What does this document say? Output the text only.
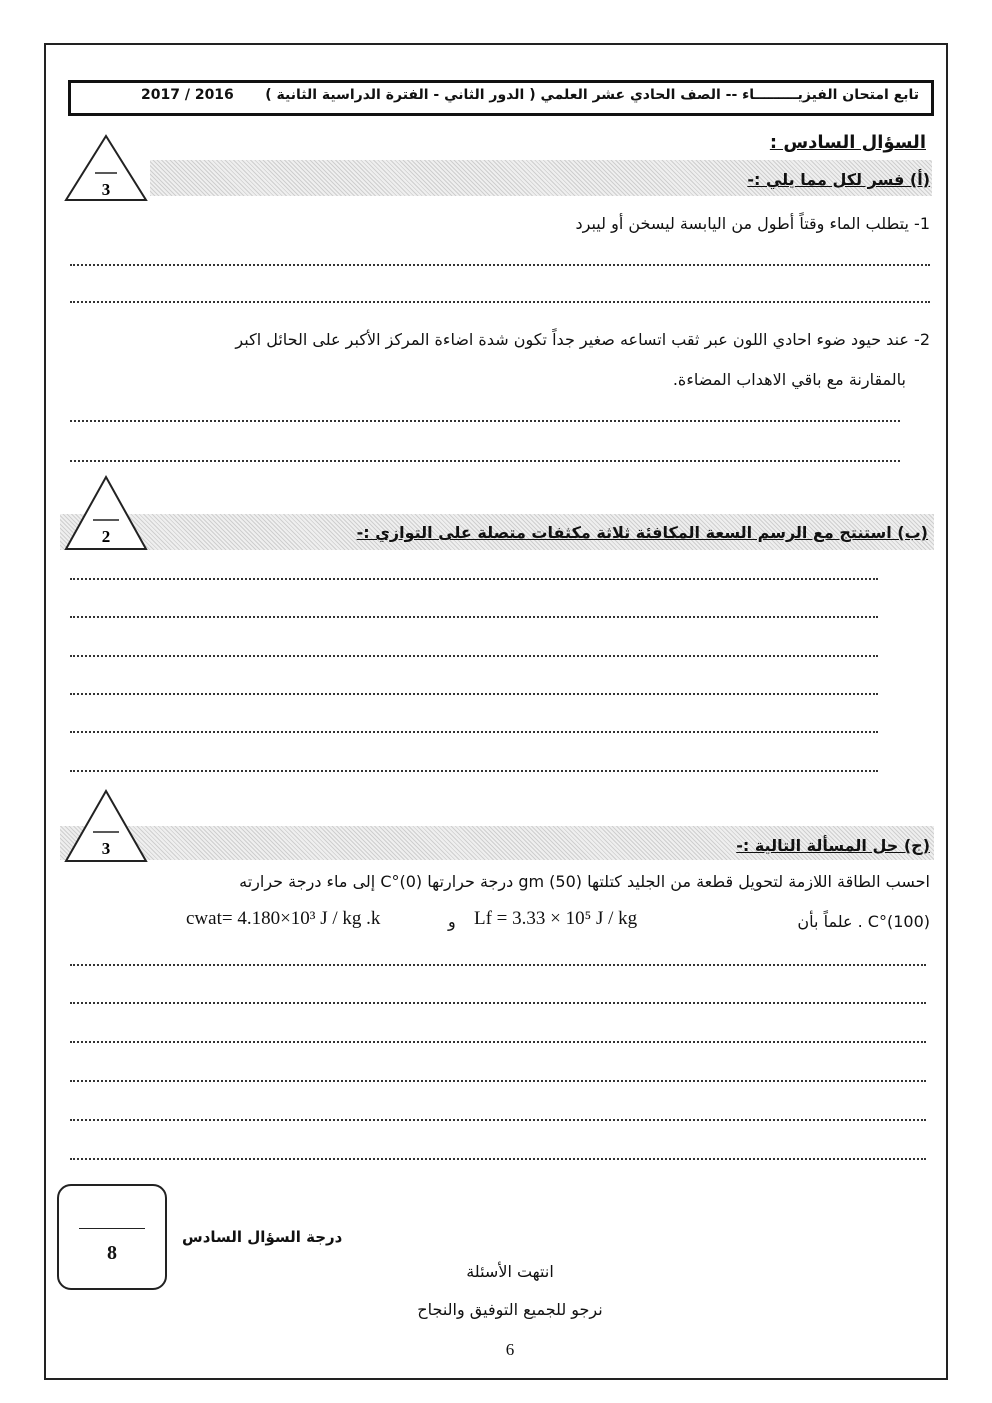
تابع امتحان الفيزيـــــــــاء -- الصف الحادي عشر العلمي ( الدور الثاني - الفترة الدراسية الثانية )
2017 / 2016
السؤال السادس :
3
(أ) فسر لكل مما يلي :-
1- يتطلب الماء وقتاً أطول من اليابسة ليسخن أو ليبرد
2- عند حيود ضوء احادي اللون عبر ثقب اتساعه صغير جداً تكون شدة اضاءة المركز الأكبر على الحائل اكبر
بالمقارنة مع باقي الاهداب المضاءة.
2	(ب) استنتج مع الرسم السعة المكافئة ثلاثة مكثفات متصلة على التوازي :-
3	(ج) حل المسألة التالية :-
احسب الطاقة اللازمة لتحويل قطعة من الجليد كتلتها gm (50) درجة حرارتها C°(0) إلى ماء درجة حرارته
C°(100) . علماً بأن
Lf = 3.33 × 10⁵ J / kg
و
cwat= 4.180×10³ J / kg .k
8
درجة السؤال السادس
انتهت الأسئلة
نرجو للجميع التوفيق والنجاح
6
